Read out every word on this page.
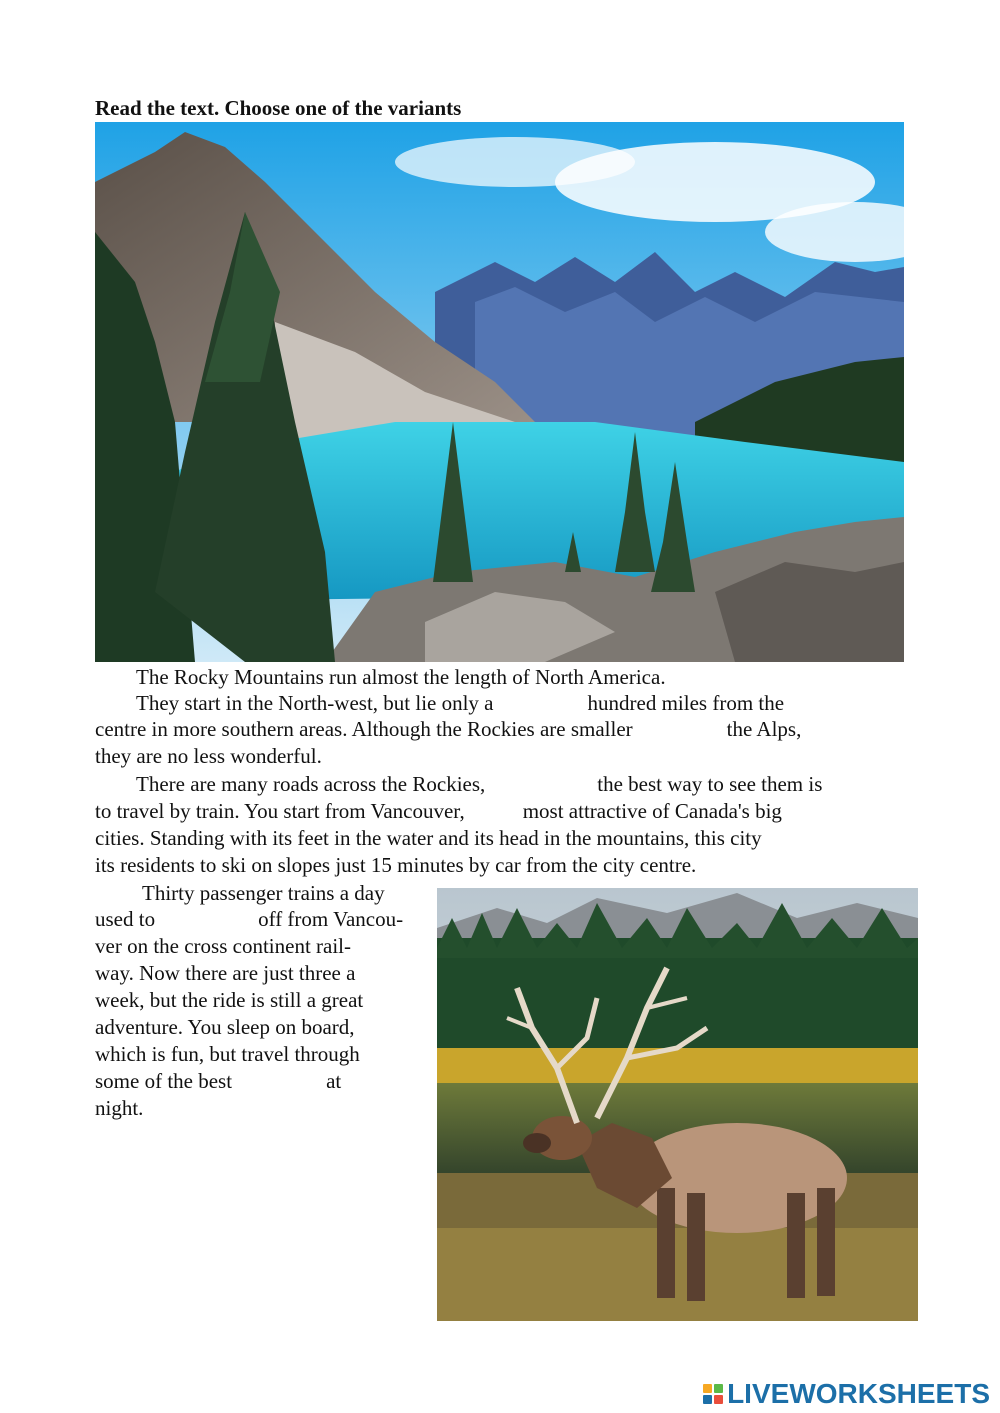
Read the text. Choose one of the variants
The Rocky Mountains run almost the length of North America.
They start in the North-west, but lie only a	hundred miles from the
centre in more southern areas. Although the Rockies are smaller	the Alps,
they are no less wonderful.
There are many roads across the Rockies,	the best way to see them is
to travel by train. You start from Vancouver,	most attractive of Canada's big
cities. Standing with its feet in the water and its head in the mountains, this city
its residents to ski on slopes just 15 minutes by car from the city centre.
Thirty passenger trains a day
used to	off from Vancou-
ver on the cross continent rail-
way. Now there are just three a
week, but the ride is still a great
adventure. You sleep on board,
which is fun, but travel through
some of the best	at
night.
LIVEWORKSHEETS
